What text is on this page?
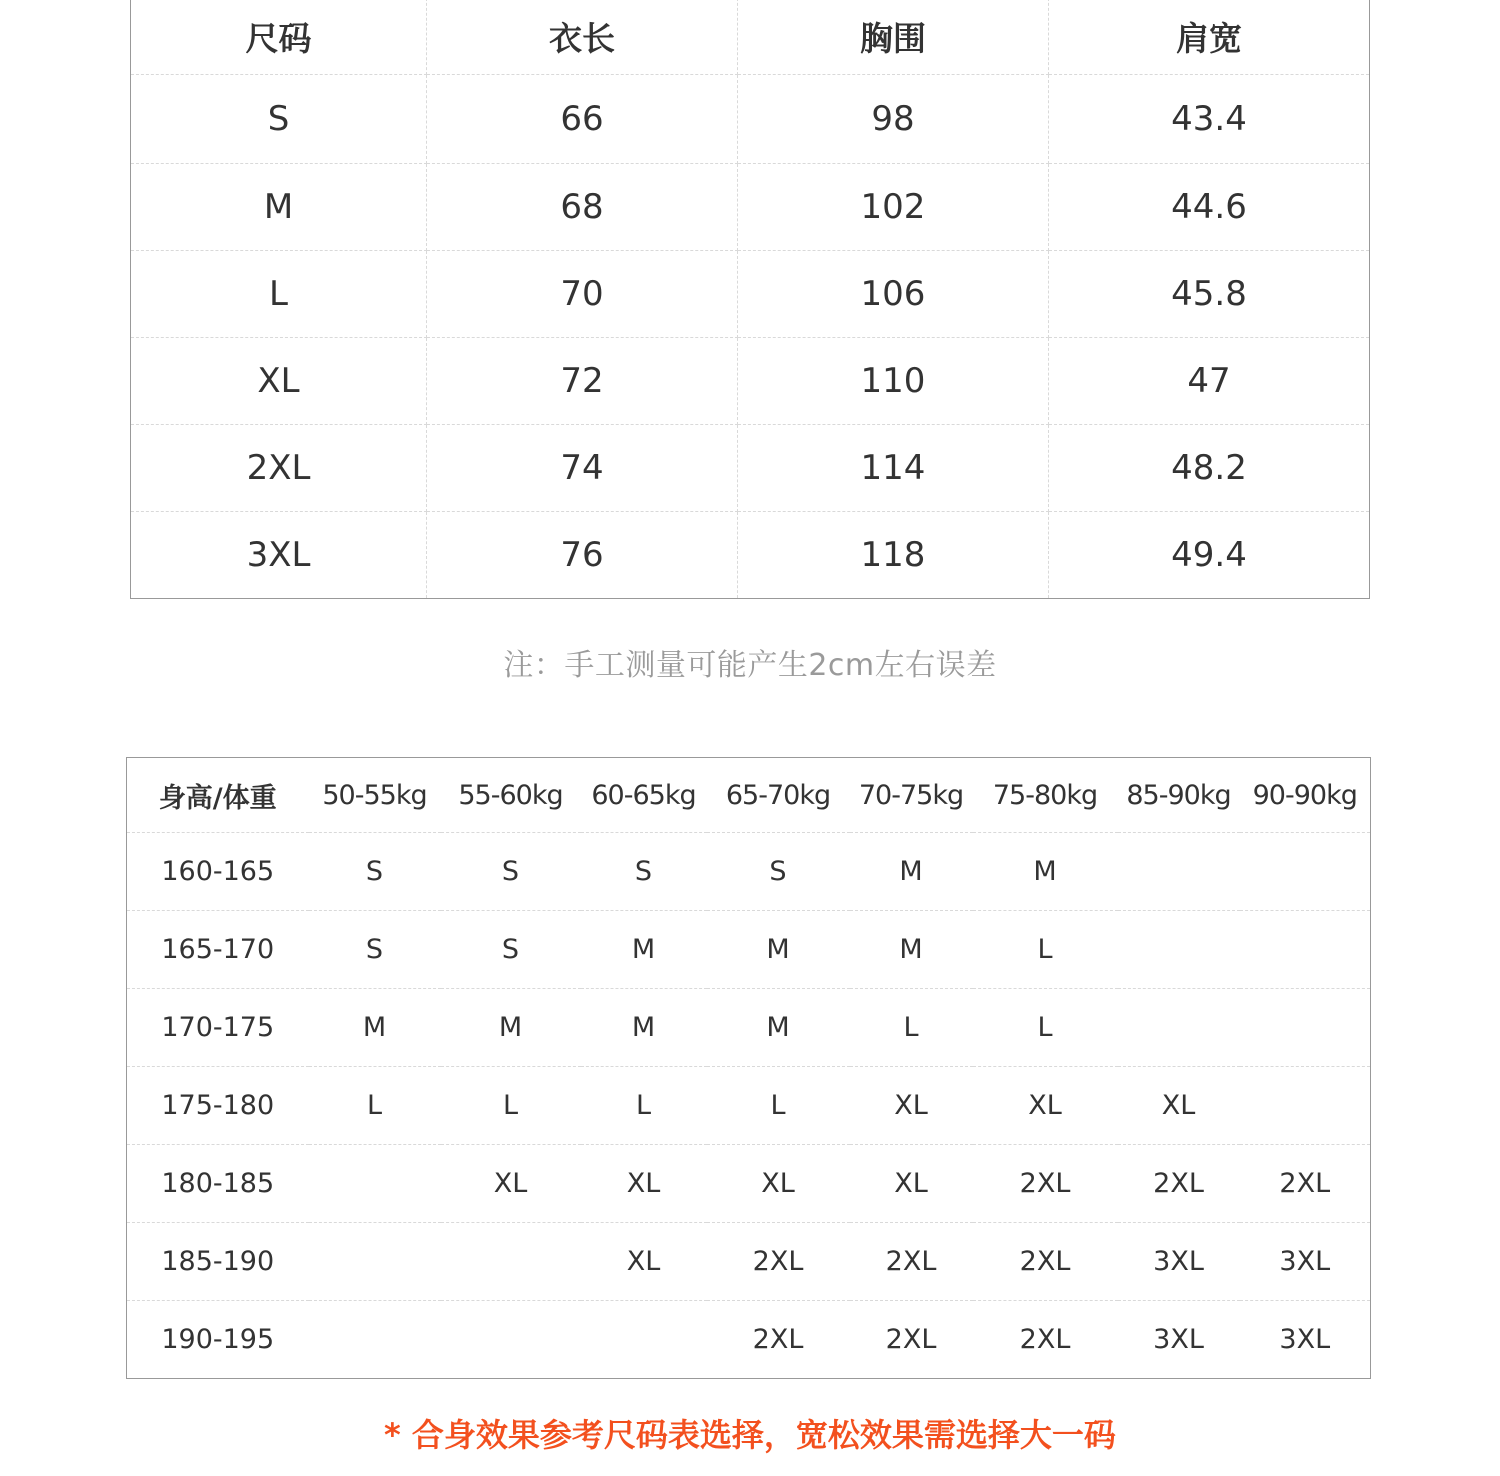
尺码	衣长	胸围	肩宽
S	66	98	43.4
M	68	102	44.6
L	70	106	45.8
XL	72	110	47
2XL	74	114	48.2
3XL	76	118	49.4
注：手工测量可能产生2cm左右误差
身高/体重	50-55kg	55-60kg	60-65kg	65-70kg	70-75kg	75-80kg	85-90kg	90-90kg
160-165	S	S	S	S	M	M		
165-170	S	S	M	M	M	L		
170-175	M	M	M	M	L	L		
175-180	L	L	L	L	XL	XL	XL	
180-185		XL	XL	XL	XL	2XL	2XL	2XL
185-190			XL	2XL	2XL	2XL	3XL	3XL
190-195				2XL	2XL	2XL	3XL	3XL
* 合身效果参考尺码表选择，宽松效果需选择大一码
